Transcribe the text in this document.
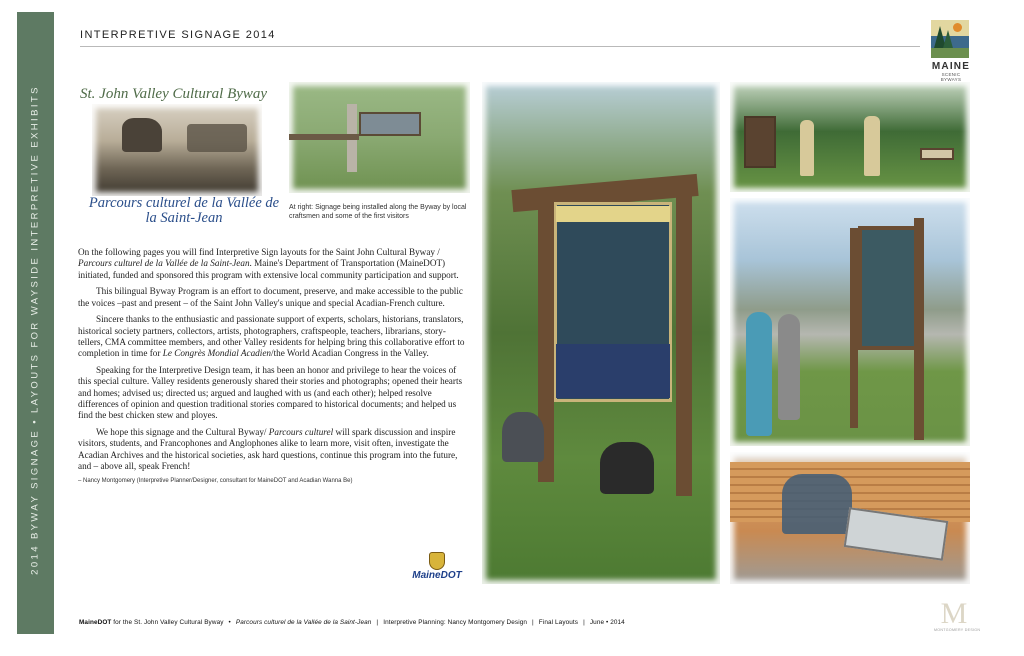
2014 BYWAY SIGNAGE • LAYOUTS FOR WAYSIDE INTERPRETIVE EXHIBITS
INTERPRETIVE SIGNAGE 2014
MAINE
SCENIC BYWAYS
St. John Valley Cultural Byway
Parcours culturel de la Vallée de la Saint-Jean
At right: Signage being installed along the Byway by local craftsmen and some of the first visitors

On the following pages you will find Interpretive Sign layouts for the Saint John Cultural Byway / Parcours culturel de la Vallée de la Saint-Jean. Maine's Department of Transportation (MaineDOT) initiated, funded and sponsored this program with extensive local community participation and support.

This bilingual Byway Program is an effort to document, preserve, and make accessible to the public the voices –past and present – of the Saint John Valley's unique and special Acadian-French culture.

Sincere thanks to the enthusiastic and passionate support of experts, scholars, historians, translators, historical society partners, collectors, artists, photographers, craftspeople, teachers, librarians, story-tellers, CMA committee members, and other Valley residents for helping bring this collaborative effort to completion in time for Le Congrès Mondial Acadien/the World Acadian Congress in the Valley.

Speaking for the Interpretive Design team, it has been an honor and privilege to hear the voices of this special culture. Valley residents generously shared their stories and photographs; opened their hearts and homes; advised us; directed us; argued and laughed with us (and each other); helped resolve differences of opinion and question traditional stories compared to historical documents; and helped us find the best chicken stew and ployes.

We hope this signage and the Cultural Byway/ Parcours culturel will spark discussion and inspire visitors, students, and Francophones and Anglophones alike to learn more, visit often, investigate the Acadian Archives and the historical societies, ask hard questions, continue this program into the future, and – above all, speak French!

– Nancy Montgomery (Interpretive Planner/Designer, consultant for MaineDOT and Acadian Wanna Be)
MaineDOT
MaineDOT for the St. John Valley Cultural Byway • Parcours culturel de la Vallée de la Saint-Jean | Interpretive Planning: Nancy Montgomery Design | Final Layouts | June • 2014	M
MONTGOMERY DESIGN
